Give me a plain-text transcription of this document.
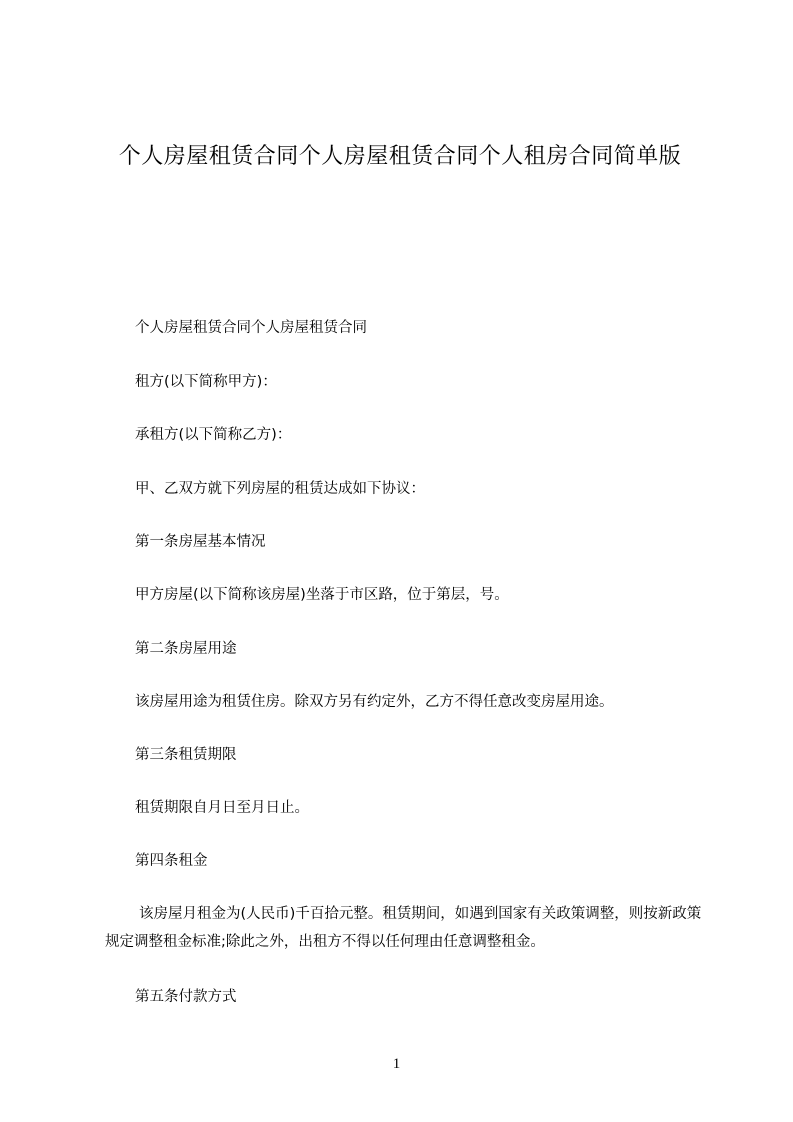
个人房屋租赁合同个人房屋租赁合同个人租房合同简单版
个人房屋租赁合同个人房屋租赁合同
租方(以下简称甲方)：
承租方(以下简称乙方)：
甲、乙双方就下列房屋的租赁达成如下协议：
第一条房屋基本情况
甲方房屋(以下简称该房屋)坐落于市区路，位于第层，号。
第二条房屋用途
该房屋用途为租赁住房。除双方另有约定外，乙方不得任意改变房屋用途。
第三条租赁期限
租赁期限自月日至月日止。
第四条租金
该房屋月租金为(人民币)千百拾元整。租赁期间，如遇到国家有关政策调整，则按新政策规定调整租金标准;除此之外，出租方不得以任何理由任意调整租金。
第五条付款方式
1
